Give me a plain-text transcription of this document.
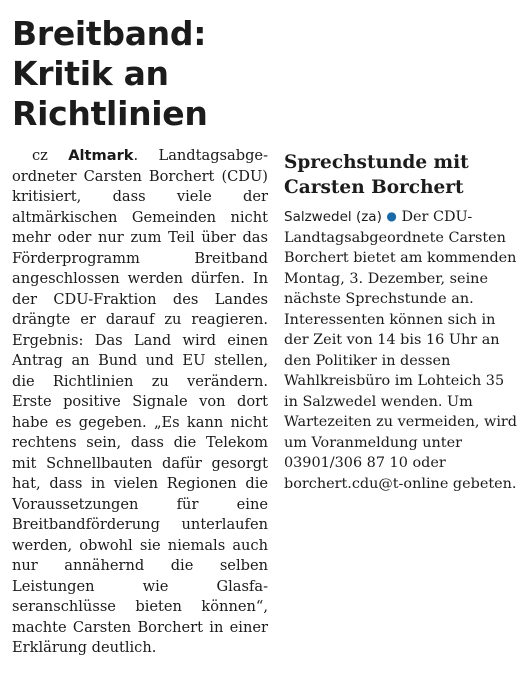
Breitband:
Kritik an
Richtlinien
cz Altmark. Landtagsabgeordneter Carsten Borchert (CDU) kritisiert, dass viele der altmärkischen Gemeinden nicht mehr oder nur zum Teil über das Förderprogramm Breitband angeschlossen werden dürfen. In der CDU-Fraktion des Landes drängte er darauf zu reagieren. Ergebnis: Das Land wird einen Antrag an Bund und EU stellen, die Richtlinien zu verändern. Erste positive Signale von dort habe es gegeben. „Es kann nicht rechtens sein, dass die Telekom mit Schnellbauten dafür gesorgt hat, dass in vielen Regionen die Voraussetzungen für eine Breitbandförderung unterlaufen werden, obwohl sie niemals auch nur annähernd die selben Leistungen wie Glasfaseranschlüsse bieten können“, machte Carsten Borchert in einer Erklärung deutlich.
Sprechstunde mit
Carsten Borchert
Salzwedel (za) ● Der CDU-Landtagsabgeordnete Carsten Borchert bietet am kommenden Montag, 3. Dezember, seine nächste Sprechstunde an. Interessenten können sich in der Zeit von 14 bis 16 Uhr an den Politiker in dessen Wahlkreisbüro im Lohteich 35 in Salzwedel wenden. Um Wartezeiten zu vermeiden, wird um Voranmeldung unter 03901/306 87 10 oder borchert.cdu@t-online gebeten.
